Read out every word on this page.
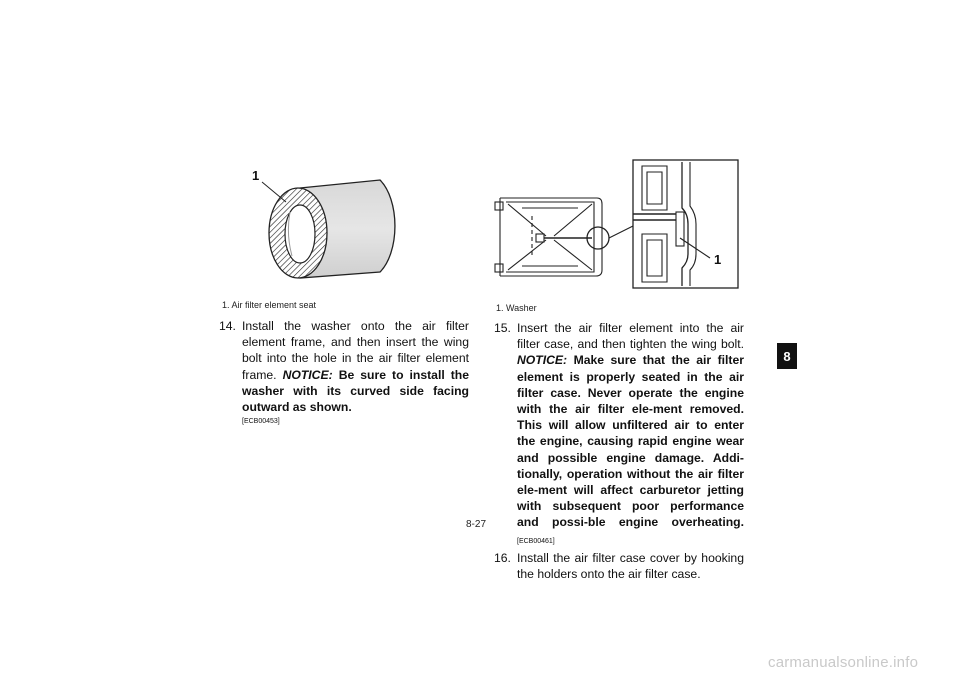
1
1. Air filter element seat

14. Install the washer onto the air filter element frame, and then insert the wing bolt into the hole in the air filter element frame. NOTICE: Be sure to install the washer with its curved side facing outward as shown.

[ECB00453]
1
1. Washer

15. Insert the air filter element into the air filter case, and then tighten the wing bolt. NOTICE: Make sure that the air filter element is properly seated in the air filter case. Never operate the engine with the air filter ele-ment removed. This will allow unfiltered air to enter the engine, causing rapid engine wear and possible engine damage. Addi-tionally, operation without the air filter ele-ment will affect carburetor jetting with subsequent poor performance and possi-ble engine overheating. [ECB00461]

16. Install the air filter case cover by hooking the holders onto the air filter case.

8
8-27
carmanualsonline.info
